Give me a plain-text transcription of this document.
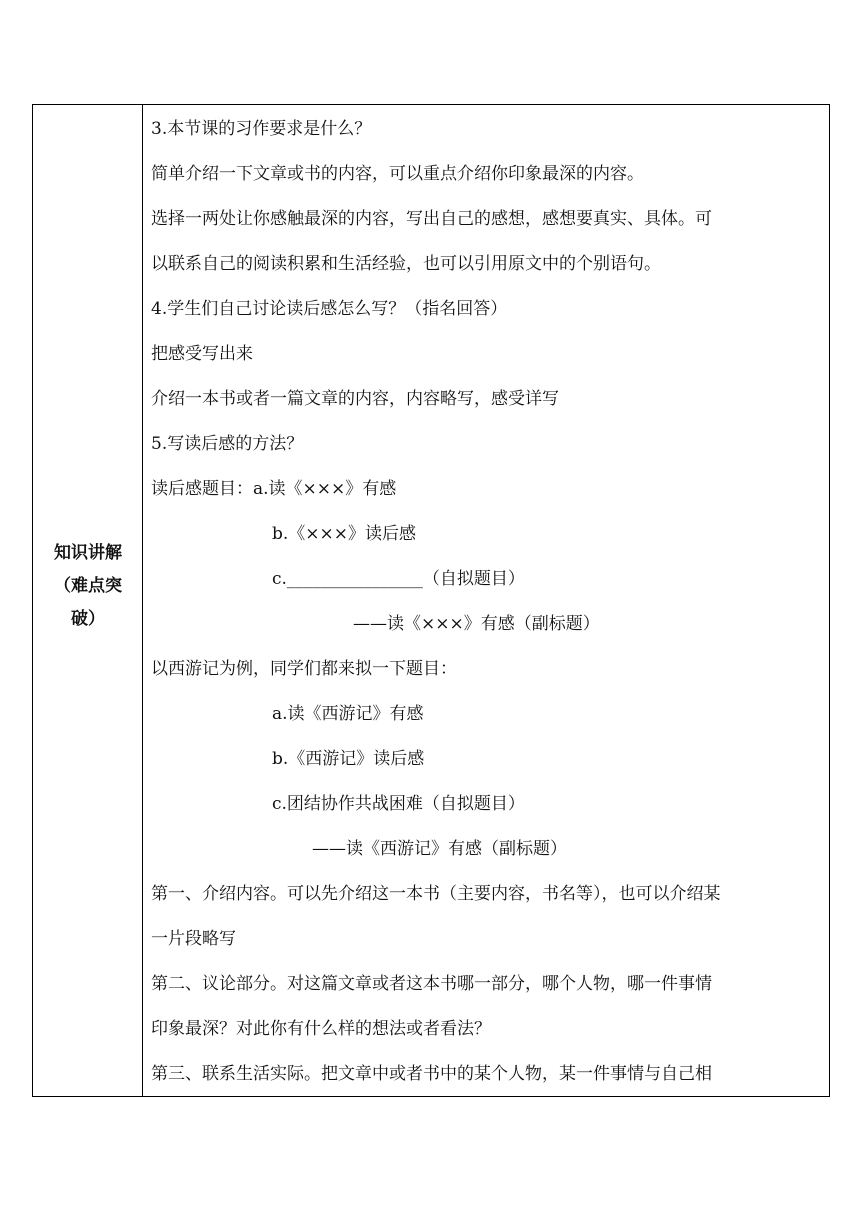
知识讲解
（难点突
破）
3.本节课的习作要求是什么？
简单介绍一下文章或书的内容，可以重点介绍你印象最深的内容。
选择一两处让你感触最深的内容，写出自己的感想，感想要真实、具体。可
以联系自己的阅读积累和生活经验，也可以引用原文中的个别语句。
4.学生们自己讨论读后感怎么写？（指名回答）
把感受写出来
介绍一本书或者一篇文章的内容，内容略写，感受详写
5.写读后感的方法？
读后感题目：a.读《×××》有感
b.《×××》读后感
c.________________（自拟题目）
——读《×××》有感（副标题）
以西游记为例，同学们都来拟一下题目：
a.读《西游记》有感
b.《西游记》读后感
c.团结协作共战困难（自拟题目）
——读《西游记》有感（副标题）
第一、介绍内容。可以先介绍这一本书（主要内容，书名等），也可以介绍某
一片段略写
第二、议论部分。对这篇文章或者这本书哪一部分，哪个人物，哪一件事情
印象最深？对此你有什么样的想法或者看法？
第三、联系生活实际。把文章中或者书中的某个人物，某一件事情与自己相
